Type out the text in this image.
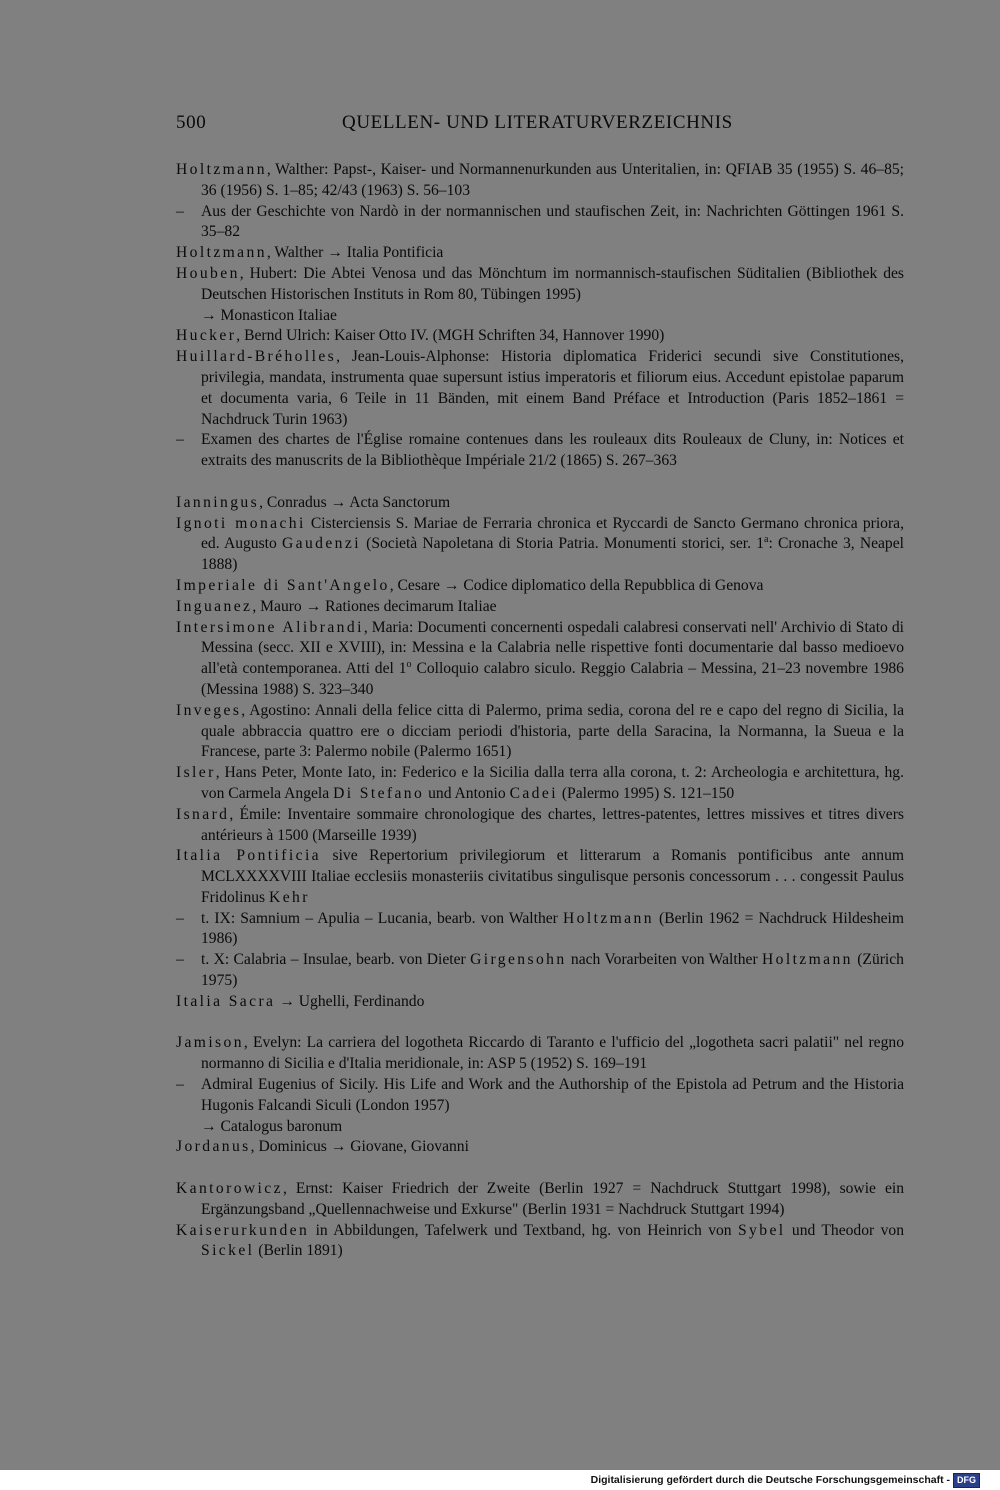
500	QUELLEN- UND LITERATURVERZEICHNIS

Holtzmann, Walther: Papst-, Kaiser- und Normannenurkunden aus Unteritalien, in: QFIAB 35 (1955) S. 46–85; 36 (1956) S. 1–85; 42/43 (1963) S. 56–103

– Aus der Geschichte von Nardò in der normannischen und staufischen Zeit, in: Nachrichten Göttingen 1961 S. 35–82

Holtzmann, Walther → Italia Pontificia

Houben, Hubert: Die Abtei Venosa und das Mönchtum im normannisch-staufischen Süditalien (Bibliothek des Deutschen Historischen Instituts in Rom 80, Tübingen 1995)
→ Monasticon Italiae

Hucker, Bernd Ulrich: Kaiser Otto IV. (MGH Schriften 34, Hannover 1990)

Huillard-Bréholles, Jean-Louis-Alphonse: Historia diplomatica Friderici secundi sive Constitutiones, privilegia, mandata, instrumenta quae supersunt istius imperatoris et filiorum eius. Accedunt epistolae paparum et documenta varia, 6 Teile in 11 Bänden, mit einem Band Préface et Introduction (Paris 1852–1861 = Nachdruck Turin 1963)

– Examen des chartes de l'Église romaine contenues dans les rouleaux dits Rouleaux de Cluny, in: Notices et extraits des manuscrits de la Bibliothèque Impériale 21/2 (1865) S. 267–363

Ianningus, Conradus → Acta Sanctorum

Ignoti monachi Cisterciensis S. Mariae de Ferraria chronica et Ryccardi de Sancto Germano chronica priora, ed. Augusto Gaudenzi (Società Napoletana di Storia Patria. Monumenti storici, ser. 1$^a$: Cronache 3, Neapel 1888)

Imperiale di Sant'Angelo, Cesare → Codice diplomatico della Repubblica di Genova

Inguanez, Mauro → Rationes decimarum Italiae

Intersimone Alibrandi, Maria: Documenti concernenti ospedali calabresi conservati nell' Archivio di Stato di Messina (secc. XII e XVIII), in: Messina e la Calabria nelle rispettive fonti documentarie dal basso medioevo all'età contemporanea. Atti del 1$^o$ Colloquio calabro siculo. Reggio Calabria – Messina, 21–23 novembre 1986 (Messina 1988) S. 323–340

Inveges, Agostino: Annali della felice citta di Palermo, prima sedia, corona del re e capo del regno di Sicilia, la quale abbraccia quattro ere o dicciam periodi d'historia, parte della Saracina, la Normanna, la Sueua e la Francese, parte 3: Palermo nobile (Palermo 1651)

Isler, Hans Peter, Monte Iato, in: Federico e la Sicilia dalla terra alla corona, t. 2: Archeologia e architettura, hg. von Carmela Angela Di Stefano und Antonio Cadei (Palermo 1995) S. 121–150

Isnard, Émile: Inventaire sommaire chronologique des chartes, lettres-patentes, lettres missives et titres divers antérieurs à 1500 (Marseille 1939)

Italia Pontificia sive Repertorium privilegiorum et litterarum a Romanis pontificibus ante annum MCLXXXXVIII Italiae ecclesiis monasteriis civitatibus singulisque personis concessorum . . . congessit Paulus Fridolinus Kehr

– t. IX: Samnium – Apulia – Lucania, bearb. von Walther Holtzmann (Berlin 1962 = Nachdruck Hildesheim 1986)

– t. X: Calabria – Insulae, bearb. von Dieter Girgensohn nach Vorarbeiten von Walther Holtzmann (Zürich 1975)

Italia Sacra → Ughelli, Ferdinando

Jamison, Evelyn: La carriera del logotheta Riccardo di Taranto e l'ufficio del „logotheta sacri palatii" nel regno normanno di Sicilia e d'Italia meridionale, in: ASP 5 (1952) S. 169–191

– Admiral Eugenius of Sicily. His Life and Work and the Authorship of the Epistola ad Petrum and the Historia Hugonis Falcandi Siculi (London 1957)
→ Catalogus baronum

Jordanus, Dominicus → Giovane, Giovanni

Kantorowicz, Ernst: Kaiser Friedrich der Zweite (Berlin 1927 = Nachdruck Stuttgart 1998), sowie ein Ergänzungsband „Quellennachweise und Exkurse" (Berlin 1931 = Nachdruck Stuttgart 1994)

Kaiserurkunden in Abbildungen, Tafelwerk und Textband, hg. von Heinrich von Sybel und Theodor von Sickel (Berlin 1891)

Digitalisierung gefördert durch die Deutsche Forschungsgemeinschaft - DFG
